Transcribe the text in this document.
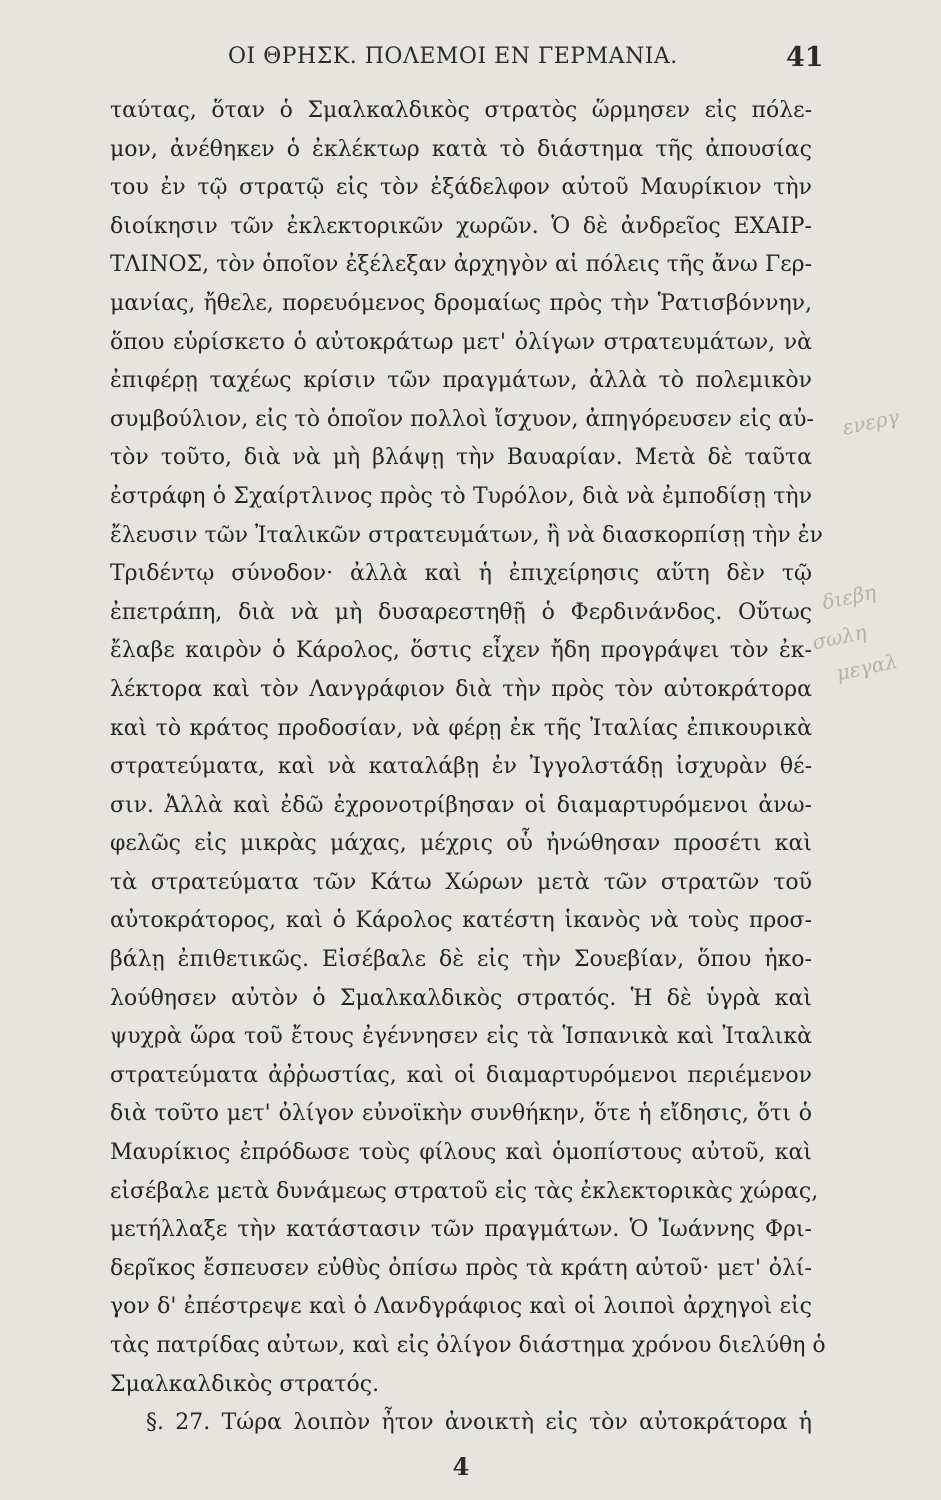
ΟΙ ΘΡΗΣΚ. ΠΟΛΕΜΟΙ ΕΝ ΓΕΡΜΑΝΙΑ.	41
ταύτας, ὅταν ὁ Σμαλκαλδικὸς στρατὸς ὥρμησεν εἰς πόλε-
μον, ἀνέθηκεν ὁ ἐκλέκτωρ κατὰ τὸ διάστημα τῆς ἀπουσίας
του ἐν τῷ στρατῷ εἰς τὸν ἐξάδελφον αὐτοῦ Μαυρίκιον τὴν
διοίκησιν τῶν ἐκλεκτορικῶν χωρῶν. Ὁ δὲ ἀνδρεῖος ΕΧΑΙΡ-
ΤΛΙΝΟΣ, τὸν ὁποῖον ἐξέλεξαν ἀρχηγὸν αἱ πόλεις τῆς ἄνω Γερ-
μανίας, ἤθελε, πορευόμενος δρομαίως πρὸς τὴν Ῥατισβόννην,
ὅπου εὑρίσκετο ὁ αὐτοκράτωρ μετ' ὀλίγων στρατευμάτων, νὰ
ἐπιφέρῃ ταχέως κρίσιν τῶν πραγμάτων, ἀλλὰ τὸ πολεμικὸν
συμβούλιον, εἰς τὸ ὁποῖον πολλοὶ ἴσχυον, ἀπηγόρευσεν εἰς αὐ-
τὸν τοῦτο, διὰ νὰ μὴ βλάψῃ τὴν Βαυαρίαν. Μετὰ δὲ ταῦτα
ἐστράφη ὁ Σχαίρτλινος πρὸς τὸ Τυρόλον, διὰ νὰ ἐμποδίσῃ τὴν
ἔλευσιν τῶν Ἰταλικῶν στρατευμάτων, ἢ νὰ διασκορπίσῃ τὴν ἐν
Τριδέντῳ σύνοδον· ἀλλὰ καὶ ἡ ἐπιχείρησις αὕτη δὲν τῷ
ἐπετράπη, διὰ νὰ μὴ δυσαρεστηθῇ ὁ Φερδινάνδος. Οὕτως
ἔλαβε καιρὸν ὁ Κάρολος, ὅστις εἶχεν ἤδη προγράψει τὸν ἐκ-
λέκτορα καὶ τὸν Λανγράφιον διὰ τὴν πρὸς τὸν αὐτοκράτορα
καὶ τὸ κράτος προδοσίαν, νὰ φέρῃ ἐκ τῆς Ἰταλίας ἐπικουρικὰ
στρατεύματα, καὶ νὰ καταλάβῃ ἐν Ἰγγολστάδῃ ἰσχυρὰν θέ-
σιν. Ἀλλὰ καὶ ἐδῶ ἐχρονοτρίβησαν οἱ διαμαρτυρόμενοι ἀνω-
φελῶς εἰς μικρὰς μάχας, μέχρις οὗ ἠνώθησαν προσέτι καὶ
τὰ στρατεύματα τῶν Κάτω Χώρων μετὰ τῶν στρατῶν τοῦ
αὐτοκράτορος, καὶ ὁ Κάρολος κατέστη ἱκανὸς νὰ τοὺς προσ-
βάλῃ ἐπιθετικῶς. Εἰσέβαλε δὲ εἰς τὴν Σουεβίαν, ὅπου ἠκο-
λούθησεν αὐτὸν ὁ Σμαλκαλδικὸς στρατός. Ἡ δὲ ὑγρὰ καὶ
ψυχρὰ ὥρα τοῦ ἔτους ἐγέννησεν εἰς τὰ Ἱσπανικὰ καὶ Ἰταλικὰ
στρατεύματα ἀῤῥωστίας, καὶ οἱ διαμαρτυρόμενοι περιέμενον
διὰ τοῦτο μετ' ὀλίγον εὐνοϊκὴν συνθήκην, ὅτε ἡ εἴδησις, ὅτι ὁ
Μαυρίκιος ἐπρόδωσε τοὺς φίλους καὶ ὁμοπίστους αὐτοῦ, καὶ
εἰσέβαλε μετὰ δυνάμεως στρατοῦ εἰς τὰς ἐκλεκτορικὰς χώρας,
μετήλλαξε τὴν κατάστασιν τῶν πραγμάτων. Ὁ Ἰωάννης Φρι-
δερῖκος ἔσπευσεν εὐθὺς ὀπίσω πρὸς τὰ κράτη αὐτοῦ· μετ' ὀλί-
γον δ' ἐπέστρεψε καὶ ὁ Λανδγράφιος καὶ οἱ λοιποὶ ἀρχηγοὶ εἰς
τὰς πατρίδας αὐτων, καὶ εἰς ὀλίγον διάστημα χρόνου διελύθη ὁ
Σμαλκαλδικὸς στρατός.
§. 27. Τώρα λοιπὸν ἦτον ἀνοικτὴ εἰς τὸν αὐτοκράτορα ἡ
4
ενεργ
διεβη
σωλη
μεγαλ
